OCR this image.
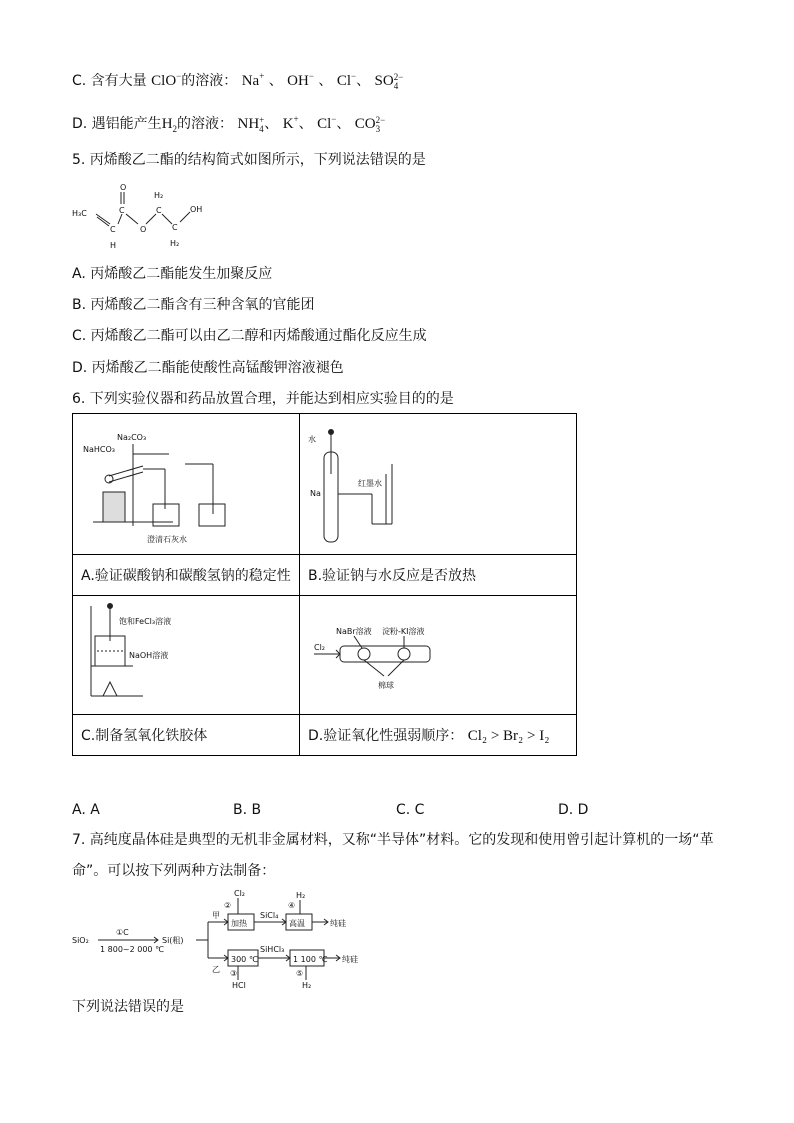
C. 含有大量 ClO−的溶液： Na+ 、 OH− 、 Cl−、 SO 2−
4
D. 遇铝能产生$H_2$的溶液： NH +
4 、 K+、 Cl−、 CO 2−
3
5. 丙烯酸乙二酯的结构简式如图所示，下列说法错误的是
O
H₃C	C
C
H
O
C
H₂
C
H₂
OH
A. 丙烯酸乙二酯能发生加聚反应
B. 丙烯酸乙二酯含有三种含氧的官能团
C. 丙烯酸乙二酯可以由乙二醇和丙烯酸通过酯化反应生成
D. 丙烯酸乙二酯能使酸性高锰酸钾溶液褪色
6. 下列实验仪器和药品放置合理，并能达到相应实验目的的是
NaHCO₃
Na₂CO₃
澄清石灰水	水
Na
红墨水

A.验证碳酸钠和碳酸氢钠的稳定性	B.验证钠与水反应是否放热

饱和FeCl₃溶液
NaOH溶液	Cl₂
NaBr溶液 淀粉-KI溶液
棉球

C.制备氢氧化铁胶体	D.验证氧化性强弱顺序： Cl₂ > Br₂ > I₂
A. A	B. B	C. C	D. D
7. 高纯度晶体硅是典型的无机非金属材料，又称“半导体”材料。它的发现和使用曾引起计算机的一场“革
命”。可以按下列两种方法制备：
SiO₂
①C
1 800~2 000 ℃
Si(粗)
甲
乙
②
Cl₂
加热
SiCl₄
④
H₂
高温	纯硅
300 ℃
③
HCl
SiHCl₃
1 100 ℃
⑤
H₂
纯硅
下列说法错误的是
